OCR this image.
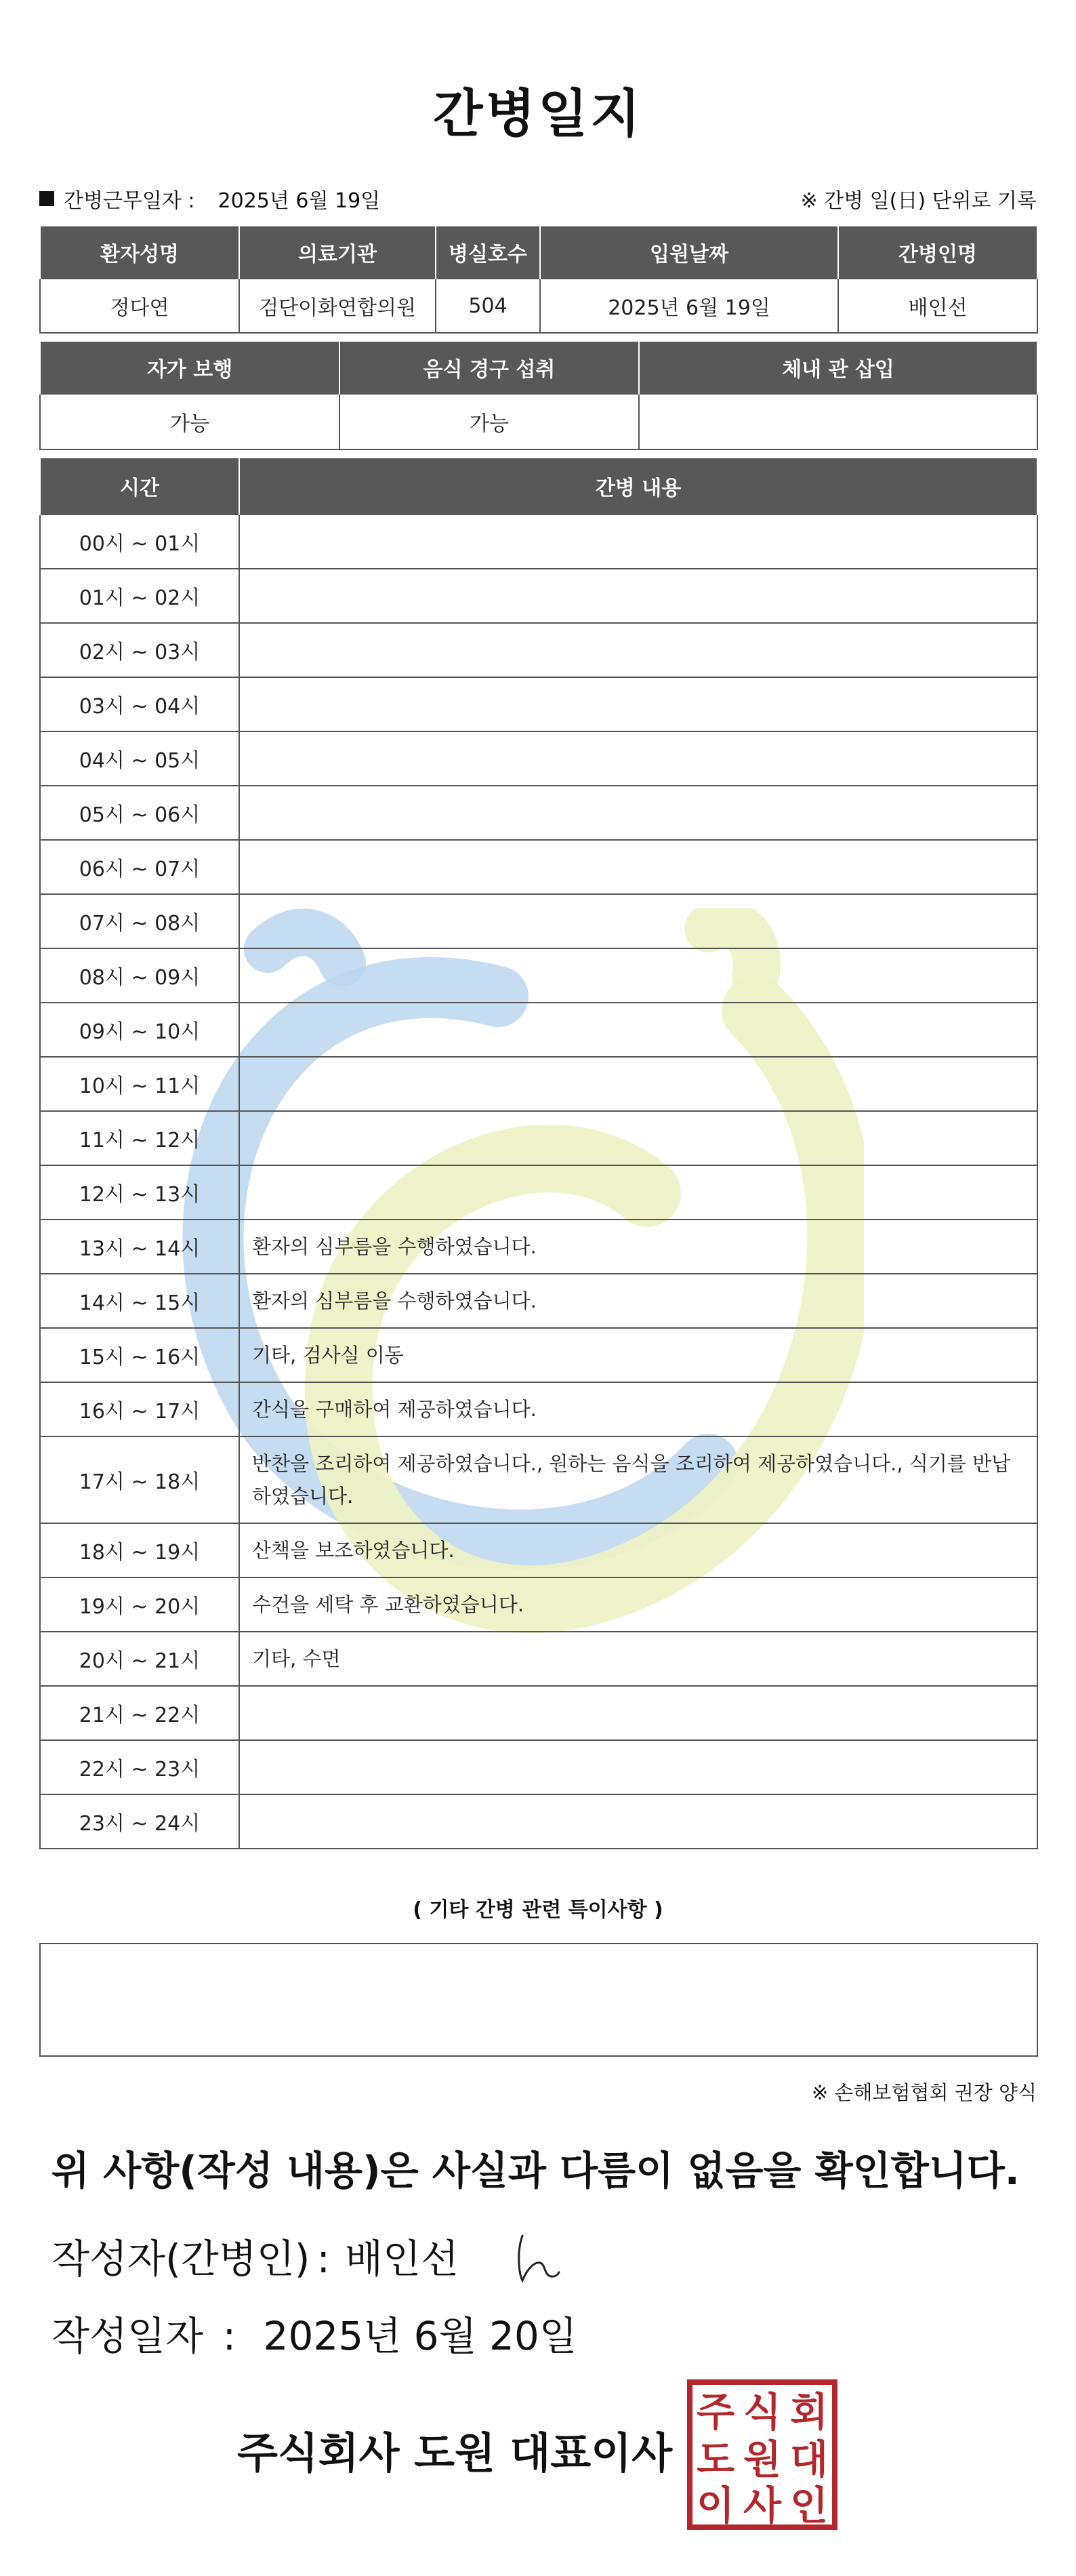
간병일지
간병근무일자 : 2025년 6월 19일	※ 간병 일(日) 단위로 기록
환자성명	의료기관	병실호수	입원날짜	간병인명
정다연	검단이화연합의원	504	2025년 6월 19일	배인선
자가 보행	음식 경구 섭취	체내 관 삽입
가능	가능	
시간	간병 내용
00시 ~ 01시	
01시 ~ 02시	
02시 ~ 03시	
03시 ~ 04시	
04시 ~ 05시	
05시 ~ 06시	
06시 ~ 07시	
07시 ~ 08시	
08시 ~ 09시	
09시 ~ 10시	
10시 ~ 11시	
11시 ~ 12시	
12시 ~ 13시	
13시 ~ 14시	환자의 심부름을 수행하였습니다.
14시 ~ 15시	환자의 심부름을 수행하였습니다.
15시 ~ 16시	기타, 검사실 이동
16시 ~ 17시	간식을 구매하여 제공하였습니다.
17시 ~ 18시	반찬을 조리하여 제공하였습니다., 원하는 음식을 조리하여 제공하였습니다., 식기를 반납하였습니다.
18시 ~ 19시	산책을 보조하였습니다.
19시 ~ 20시	수건을 세탁 후 교환하였습니다.
20시 ~ 21시	기타, 수면
21시 ~ 22시	
22시 ~ 23시	
23시 ~ 24시	
( 기타 간병 관련 특이사항 )
※ 손해보험협회 권장 양식
위 사항(작성 내용)은 사실과 다름이 없음을 확인합니다.
작성자(간병인) : 배인선
작성일자 : 2025년 6월 20일
주식회사 도원 대표이사
주 식 회
도 원 대
이 사 인
